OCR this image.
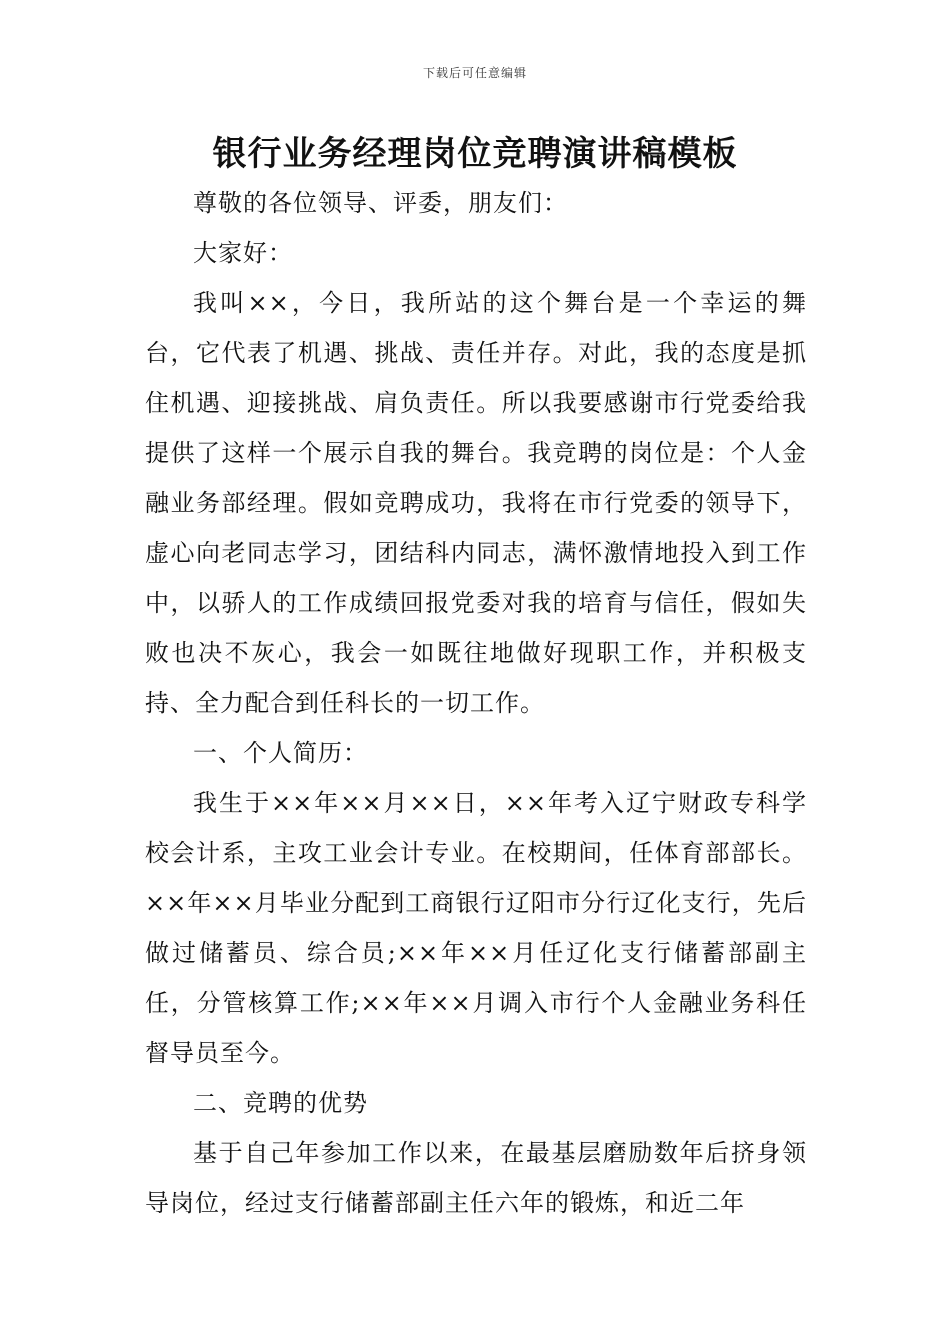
下载后可任意编辑
银行业务经理岗位竞聘演讲稿模板

尊敬的各位领导、评委，朋友们：

大家好：

我叫××，今日，我所站的这个舞台是一个幸运的舞台，它代表了机遇、挑战、责任并存。对此，我的态度是抓住机遇、迎接挑战、肩负责任。所以我要感谢市行党委给我提供了这样一个展示自我的舞台。我竞聘的岗位是：个人金融业务部经理。假如竞聘成功，我将在市行党委的领导下，虚心向老同志学习，团结科内同志，满怀激情地投入到工作中，以骄人的工作成绩回报党委对我的培育与信任，假如失败也决不灰心，我会一如既往地做好现职工作，并积极支持、全力配合到任科长的一切工作。

一、个人简历：

我生于××年××月××日，××年考入辽宁财政专科学校会计系，主攻工业会计专业。在校期间，任体育部部长。××年××月毕业分配到工商银行辽阳市分行辽化支行，先后做过储蓄员、综合员;××年××月任辽化支行储蓄部副主任，分管核算工作;××年××月调入市行个人金融业务科任督导员至今。

二、竞聘的优势

基于自己年参加工作以来，在最基层磨励数年后挤身领导岗位，经过支行储蓄部副主任六年的锻炼，和近二年
